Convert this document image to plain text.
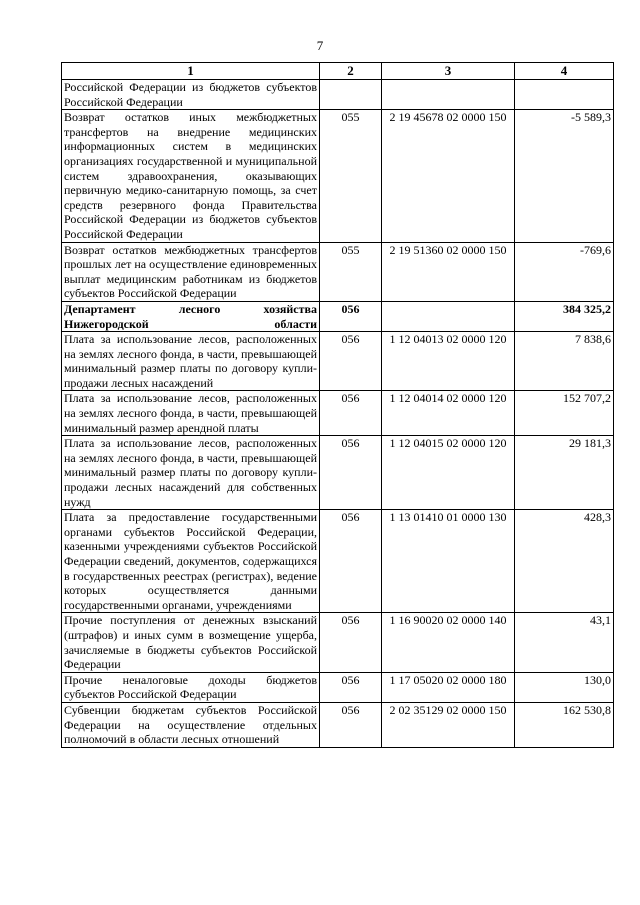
7
1	2	3	4
Российской Федерации из бюджетов субъектов Российской Федерации			
Возврат остатков иных межбюджетных трансфертов на внедрение медицинских информационных систем в медицинских организациях государственной и муниципальной систем здравоохранения, оказывающих первичную медико-санитарную помощь, за счет средств резервного фонда Правительства Российской Федерации из бюджетов субъектов Российской Федерации	055	2 19 45678 02 0000 150	-5 589,3
Возврат остатков межбюджетных трансфертов прошлых лет на осуществление единовременных выплат медицинским работникам из бюджетов субъектов Российской Федерации	055	2 19 51360 02 0000 150	-769,6
Департамент лесного хозяйства Нижегородской области	056		384 325,2
Плата за использование лесов, расположенных на землях лесного фонда, в части, превышающей минимальный размер платы по договору купли-продажи лесных насаждений	056	1 12 04013 02 0000 120	7 838,6
Плата за использование лесов, расположенных на землях лесного фонда, в части, превышающей минимальный размер арендной платы	056	1 12 04014 02 0000 120	152 707,2
Плата за использование лесов, расположенных на землях лесного фонда, в части, превышающей минимальный размер платы по договору купли-продажи лесных насаждений для собственных нужд	056	1 12 04015 02 0000 120	29 181,3
Плата за предоставление государственными органами субъектов Российской Федерации, казенными учреждениями субъектов Российской Федерации сведений, документов, содержащихся в государственных реестрах (регистрах), ведение которых осуществляется данными государственными органами, учреждениями	056	1 13 01410 01 0000 130	428,3
Прочие поступления от денежных взысканий (штрафов) и иных сумм в возмещение ущерба, зачисляемые в бюджеты субъектов Российской Федерации	056	1 16 90020 02 0000 140	43,1
Прочие неналоговые доходы бюджетов субъектов Российской Федерации	056	1 17 05020 02 0000 180	130,0
Субвенции бюджетам субъектов Российской Федерации на осуществление отдельных полномочий в области лесных отношений	056	2 02 35129 02 0000 150	162 530,8
